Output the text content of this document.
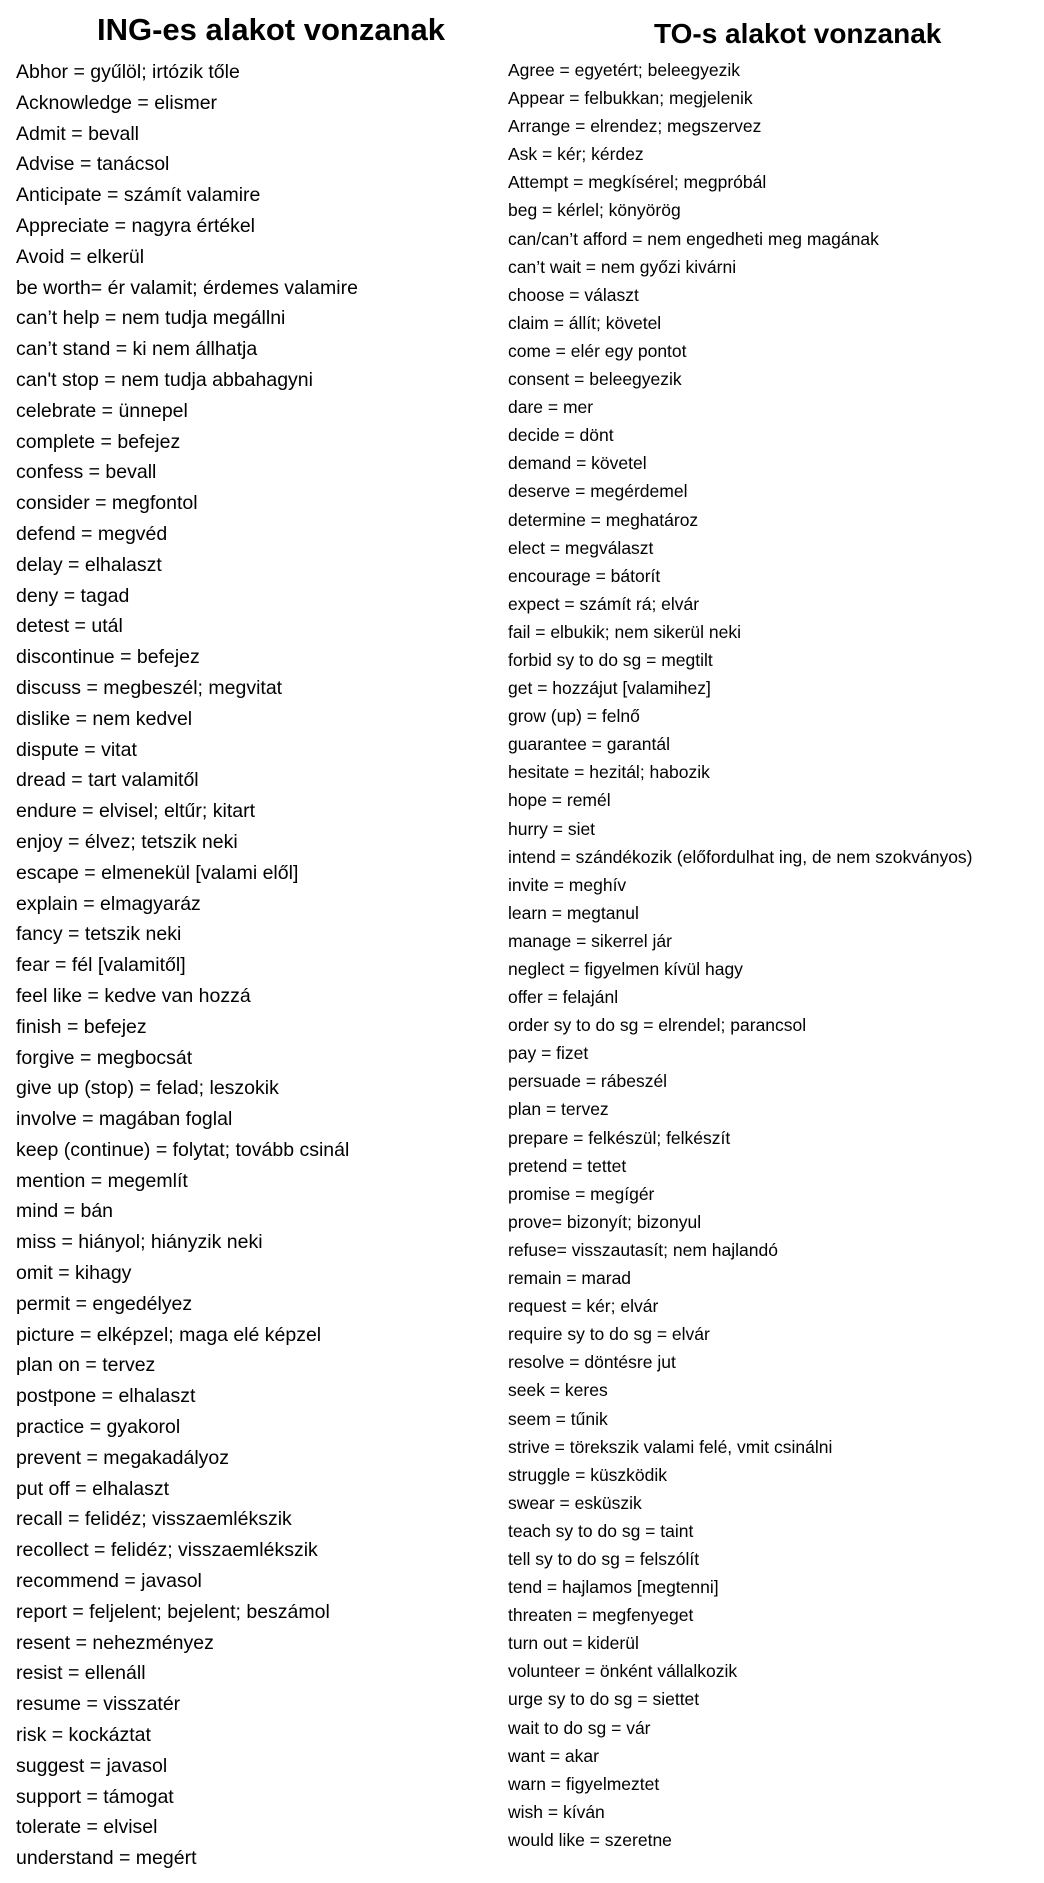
ING-es alakot vonzanak
Abhor = gyűlöl; irtózik tőle
Acknowledge = elismer
Admit = bevall
Advise = tanácsol
Anticipate = számít valamire
Appreciate = nagyra értékel
Avoid = elkerül
be worth= ér valamit; érdemes valamire
can’t help = nem tudja megállni
can’t stand = ki nem állhatja
can't stop = nem tudja abbahagyni
celebrate = ünnepel
complete = befejez
confess = bevall
consider = megfontol
defend = megvéd
delay = elhalaszt
deny = tagad
detest = utál
discontinue = befejez
discuss = megbeszél; megvitat
dislike = nem kedvel
dispute = vitat
dread = tart valamitől
endure = elvisel; eltűr; kitart
enjoy = élvez; tetszik neki
escape = elmenekül [valami elől]
explain = elmagyaráz
fancy = tetszik neki
fear = fél [valamitől]
feel like = kedve van hozzá
finish = befejez
forgive = megbocsát
give up (stop) = felad; leszokik
involve = magában foglal
keep (continue) = folytat; tovább csinál
mention = megemlít
mind = bán
miss = hiányol; hiányzik neki
omit = kihagy
permit = engedélyez
picture = elképzel; maga elé képzel
plan on = tervez
postpone = elhalaszt
practice = gyakorol
prevent = megakadályoz
put off = elhalaszt
recall = felidéz; visszaemlékszik
recollect = felidéz; visszaemlékszik
recommend = javasol
report = feljelent; bejelent; beszámol
resent = nehezményez
resist = ellenáll
resume = visszatér
risk = kockáztat
suggest = javasol
support = támogat
tolerate = elvisel
understand = megért
TO-s alakot vonzanak
Agree = egyetért; beleegyezik
Appear = felbukkan; megjelenik
Arrange = elrendez; megszervez
Ask = kér; kérdez
Attempt = megkísérel; megpróbál
beg = kérlel; könyörög
can/can’t afford = nem engedheti meg magának
can’t wait = nem győzi kivárni
choose = választ
claim = állít; követel
come = elér egy pontot
consent = beleegyezik
dare = mer
decide = dönt
demand = követel
deserve = megérdemel
determine = meghatároz
elect = megválaszt
encourage = bátorít
expect = számít rá; elvár
fail = elbukik; nem sikerül neki
forbid sy to do sg = megtilt
get = hozzájut [valamihez]
grow (up) = felnő
guarantee = garantál
hesitate = hezitál; habozik
hope = remél
hurry = siet
intend = szándékozik (előfordulhat ing, de nem szokványos)
invite = meghív
learn = megtanul
manage = sikerrel jár
neglect = figyelmen kívül hagy
offer = felajánl
order sy to do sg = elrendel; parancsol
pay = fizet
persuade = rábeszél
plan = tervez
prepare = felkészül; felkészít
pretend = tettet
promise = megígér
prove= bizonyít; bizonyul
refuse= visszautasít; nem hajlandó
remain = marad
request = kér; elvár
require sy to do sg = elvár
resolve = döntésre jut
seek = keres
seem = tűnik
strive = törekszik valami felé, vmit csinálni
struggle = küszködik
swear = esküszik
teach sy to do sg = taint
tell sy to do sg = felszólít
tend = hajlamos [megtenni]
threaten = megfenyeget
turn out = kiderül
volunteer = önként vállalkozik
urge sy to do sg = siettet
wait to do sg = vár
want = akar
warn = figyelmeztet
wish = kíván
would like = szeretne
